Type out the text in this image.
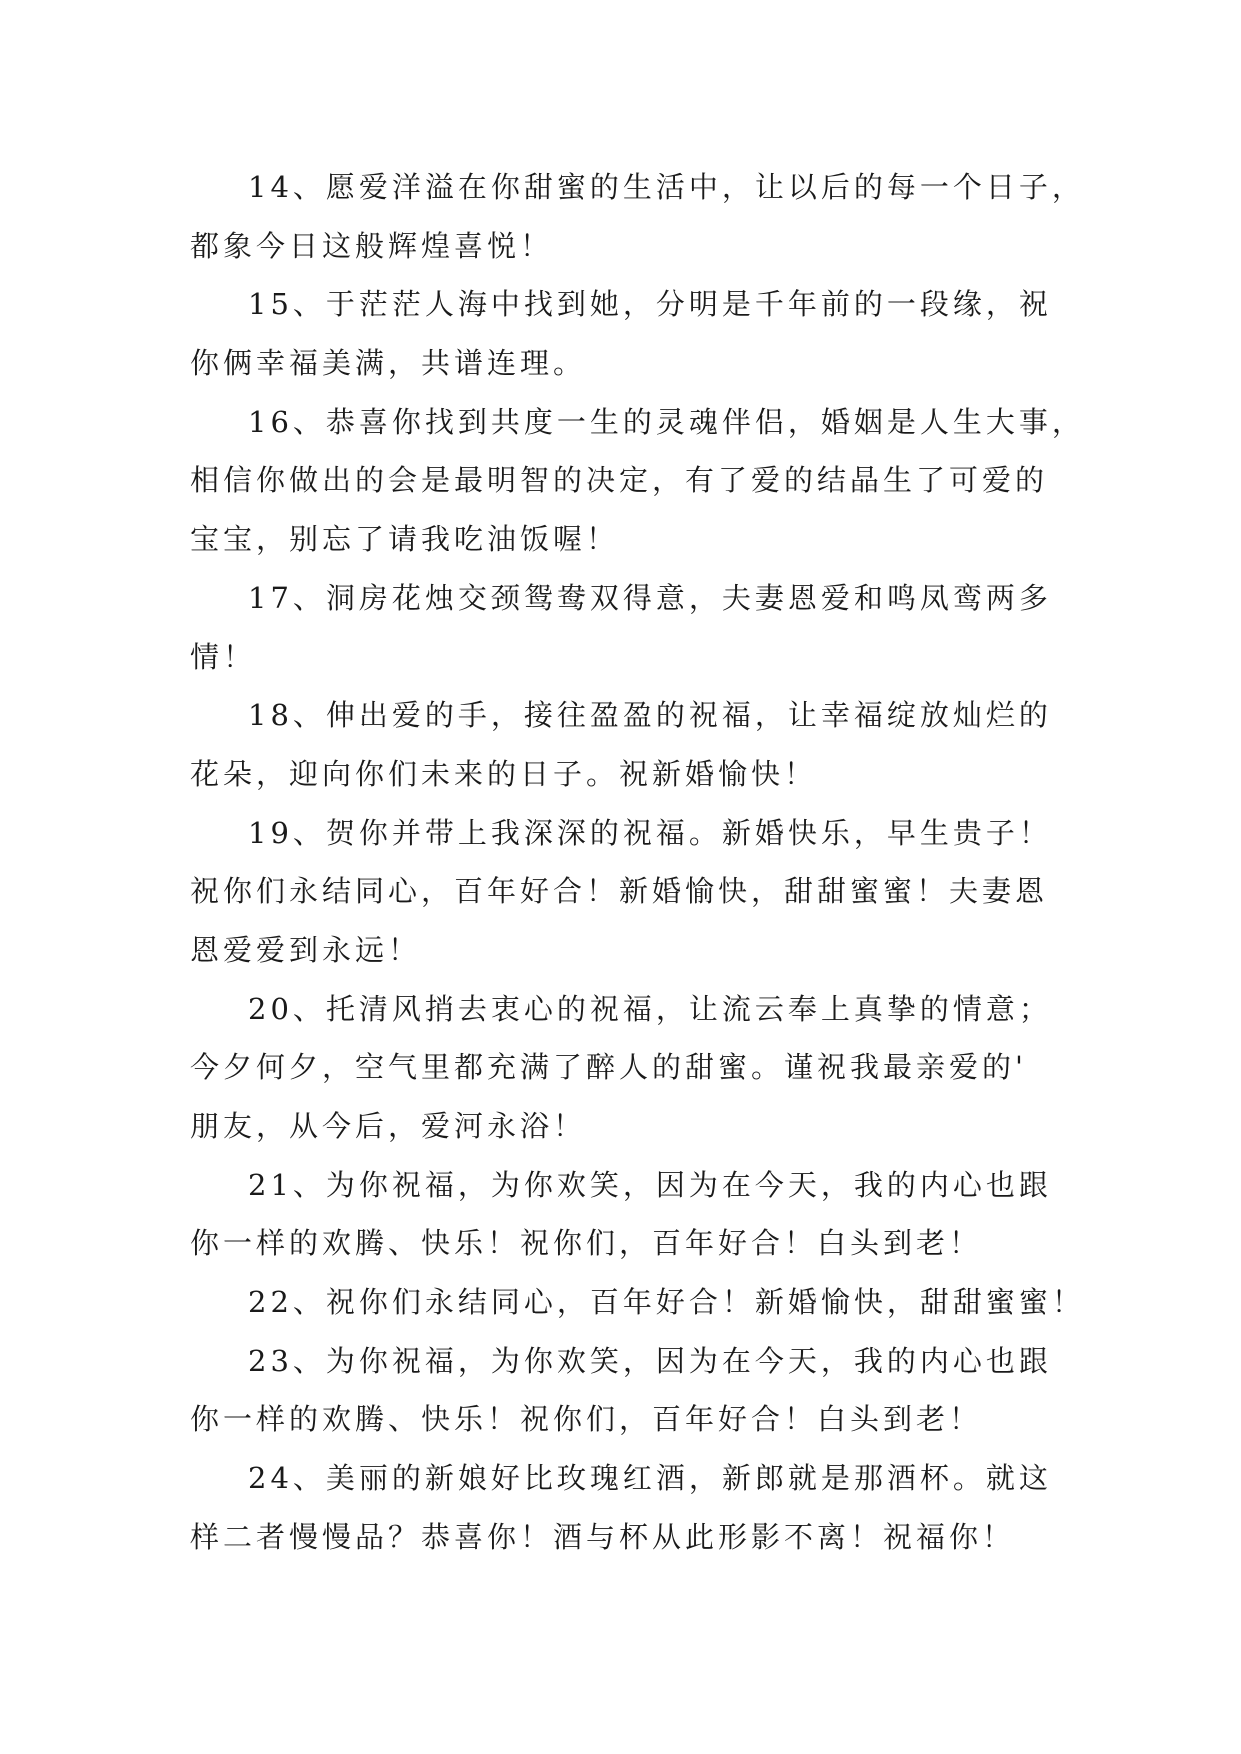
14、愿爱洋溢在你甜蜜的生活中，让以后的每一个日子，
都象今日这般辉煌喜悦！
15、于茫茫人海中找到她，分明是千年前的一段缘，祝
你俩幸福美满，共谱连理。
16、恭喜你找到共度一生的灵魂伴侣，婚姻是人生大事，
相信你做出的会是最明智的决定，有了爱的结晶生了可爱的
宝宝，别忘了请我吃油饭喔！
17、洞房花烛交颈鸳鸯双得意，夫妻恩爱和鸣凤鸾两多
情！
18、伸出爱的手，接往盈盈的祝福，让幸福绽放灿烂的
花朵，迎向你们未来的日子。祝新婚愉快！
19、贺你并带上我深深的祝福。新婚快乐，早生贵子！
祝你们永结同心，百年好合！新婚愉快，甜甜蜜蜜！夫妻恩
恩爱爱到永远！
20、托清风捎去衷心的祝福，让流云奉上真挚的情意；
今夕何夕，空气里都充满了醉人的甜蜜。谨祝我最亲爱的'
朋友，从今后，爱河永浴！
21、为你祝福，为你欢笑，因为在今天，我的内心也跟
你一样的欢腾、快乐！祝你们，百年好合！白头到老！
22、祝你们永结同心，百年好合！新婚愉快，甜甜蜜蜜！
23、为你祝福，为你欢笑，因为在今天，我的内心也跟
你一样的欢腾、快乐！祝你们，百年好合！白头到老！
24、美丽的新娘好比玫瑰红酒，新郎就是那酒杯。就这
样二者慢慢品？恭喜你！酒与杯从此形影不离！祝福你！
